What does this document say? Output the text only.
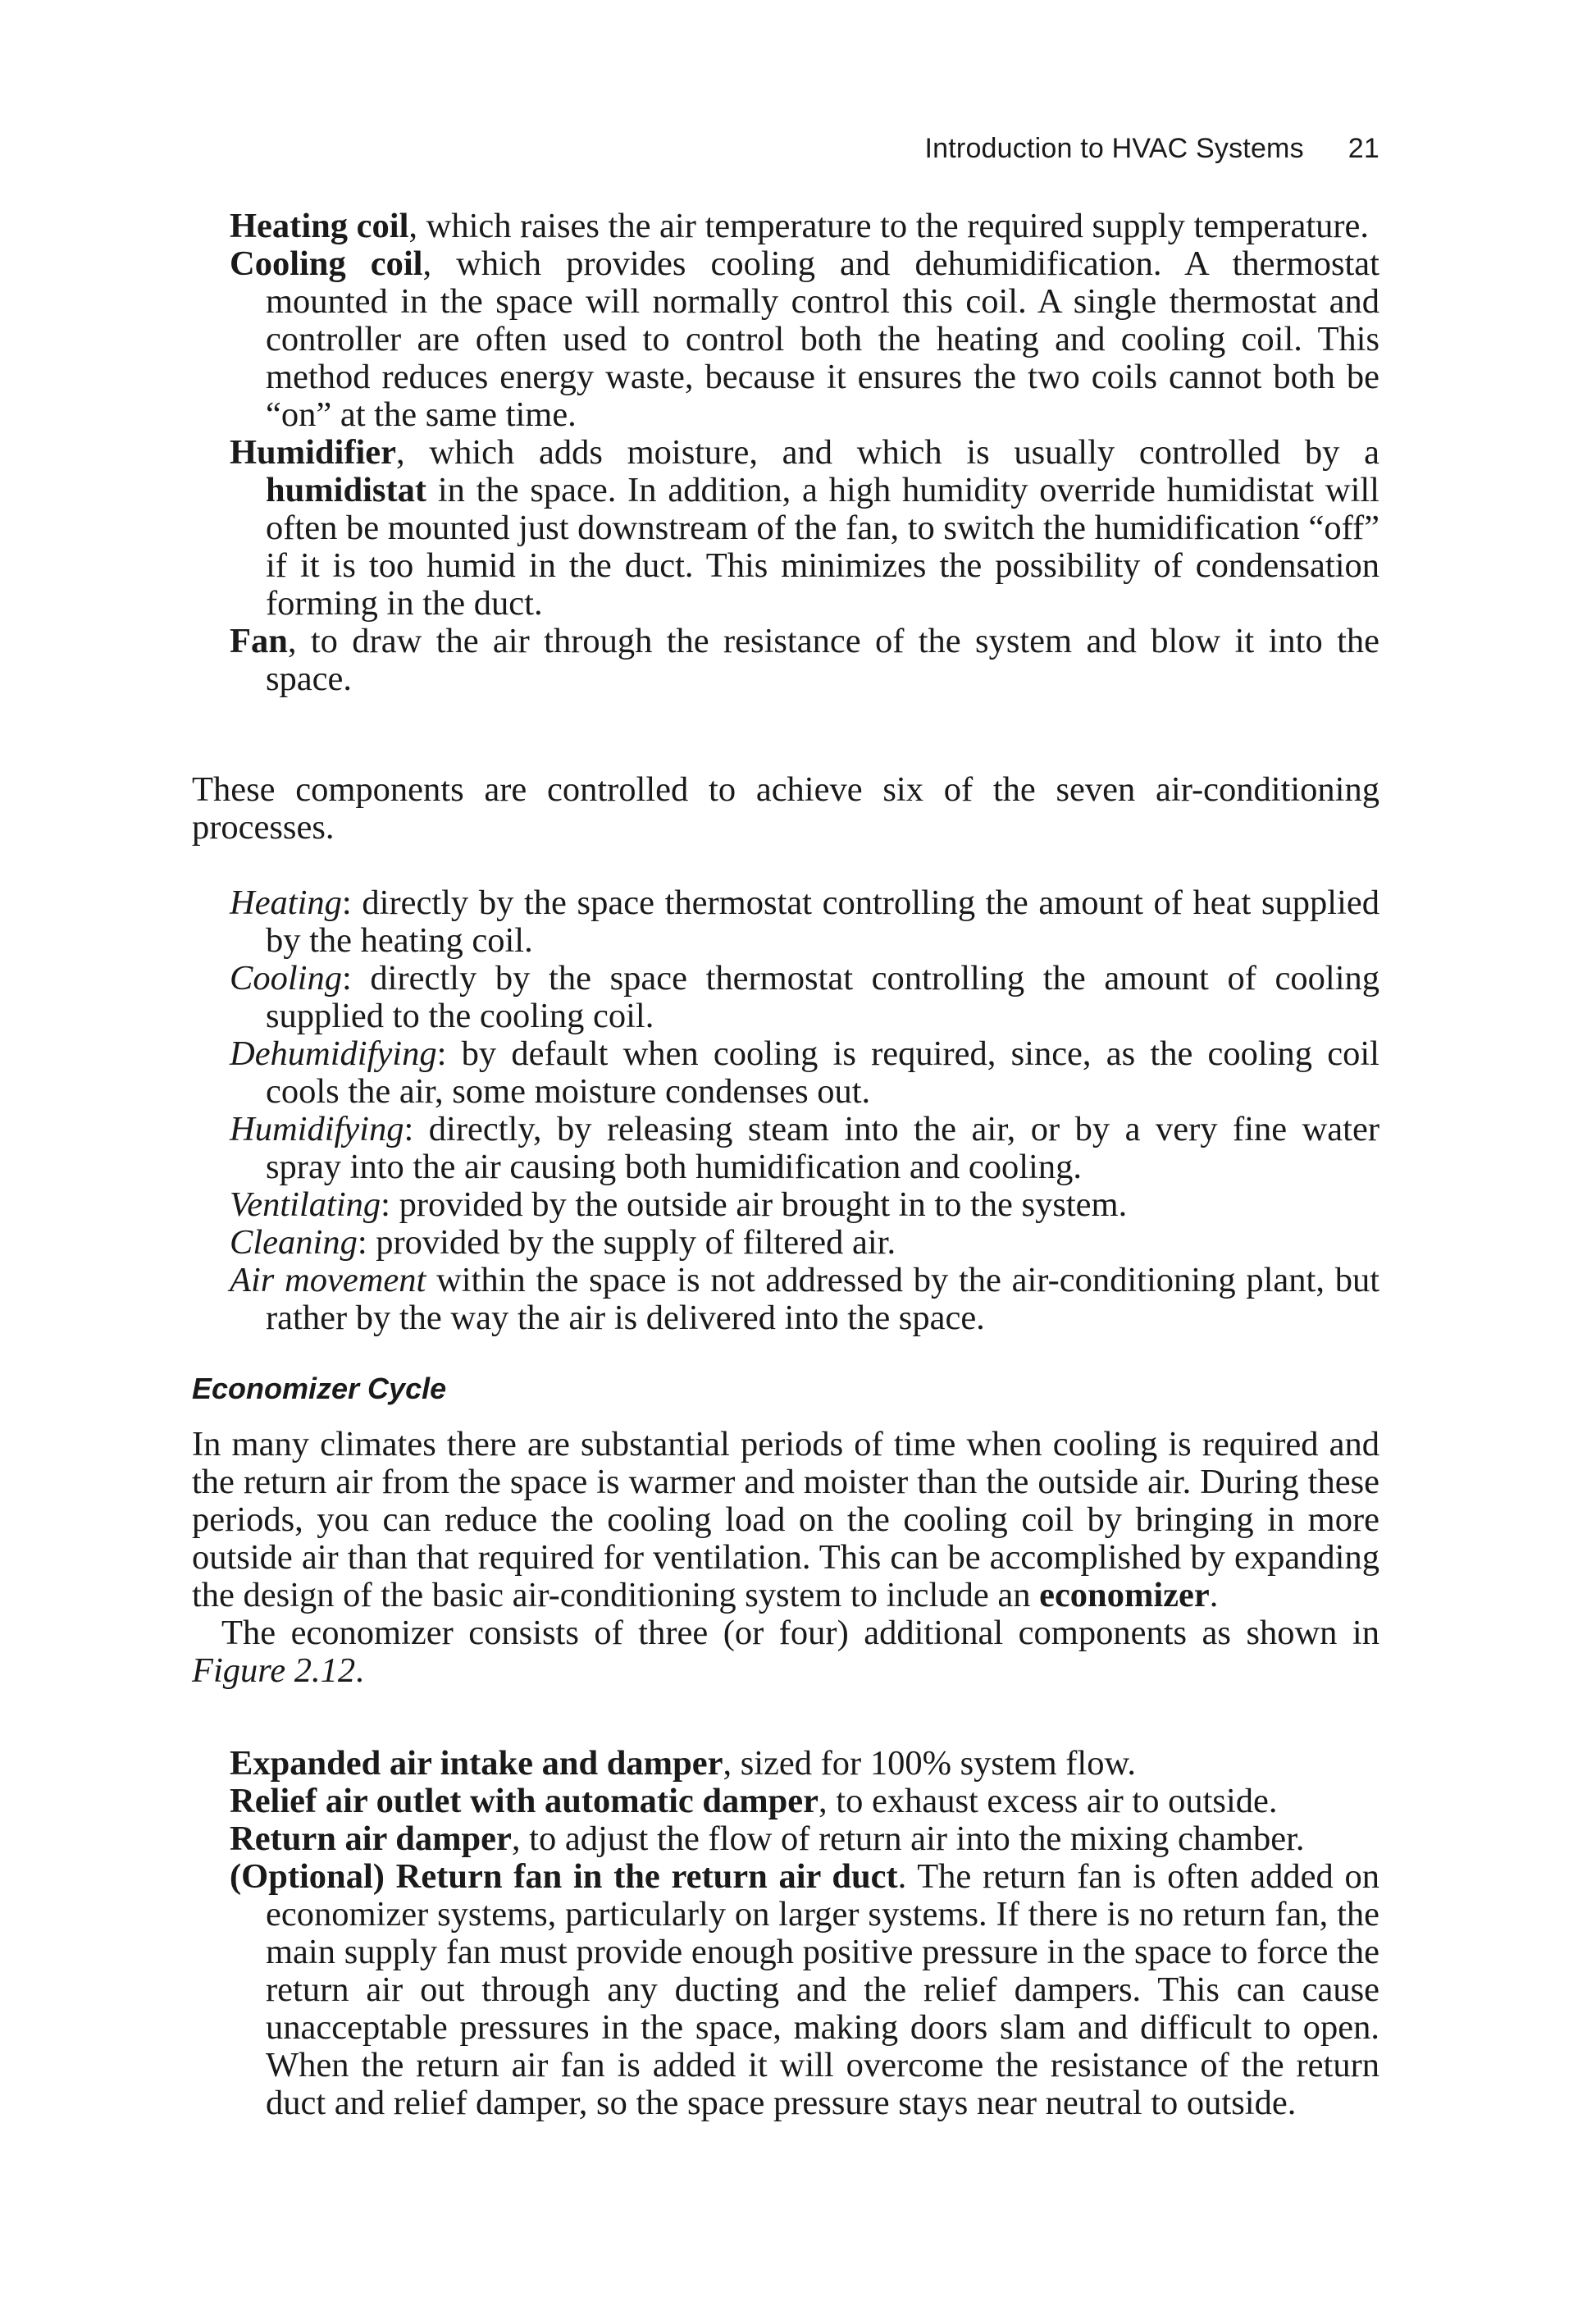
Introduction to HVAC Systems 21

Heating coil, which raises the air temperature to the required supply temperature.

Cooling coil, which provides cooling and dehumidification. A thermostat mounted in the space will normally control this coil. A single thermostat and controller are often used to control both the heating and cooling coil. This method reduces energy waste, because it ensures the two coils cannot both be “on” at the same time.

Humidifier, which adds moisture, and which is usually controlled by a humidistat in the space. In addition, a high humidity override humidistat will often be mounted just downstream of the fan, to switch the humidification “off” if it is too humid in the duct. This minimizes the possibility of condensation forming in the duct.

Fan, to draw the air through the resistance of the system and blow it into the space.

These components are controlled to achieve six of the seven air-conditioning processes.

Heating: directly by the space thermostat controlling the amount of heat supplied by the heating coil.

Cooling: directly by the space thermostat controlling the amount of cooling supplied to the cooling coil.

Dehumidifying: by default when cooling is required, since, as the cooling coil cools the air, some moisture condenses out.

Humidifying: directly, by releasing steam into the air, or by a very fine water spray into the air causing both humidification and cooling.

Ventilating: provided by the outside air brought in to the system.

Cleaning: provided by the supply of filtered air.

Air movement within the space is not addressed by the air-conditioning plant, but rather by the way the air is delivered into the space.

Economizer Cycle

In many climates there are substantial periods of time when cooling is required and the return air from the space is warmer and moister than the outside air. During these periods, you can reduce the cooling load on the cooling coil by bringing in more outside air than that required for ventilation. This can be accomplished by expanding the design of the basic air-conditioning system to include an economizer.

The economizer consists of three (or four) additional components as shown in Figure 2.12.

Expanded air intake and damper, sized for 100% system flow.

Relief air outlet with automatic damper, to exhaust excess air to outside.

Return air damper, to adjust the flow of return air into the mixing chamber.

(Optional) Return fan in the return air duct. The return fan is often added on economizer systems, particularly on larger systems. If there is no return fan, the main supply fan must provide enough positive pressure in the space to force the return air out through any ducting and the relief dampers. This can cause unacceptable pressures in the space, making doors slam and difficult to open. When the return air fan is added it will overcome the resistance of the return duct and relief damper, so the space pressure stays near neutral to outside.
